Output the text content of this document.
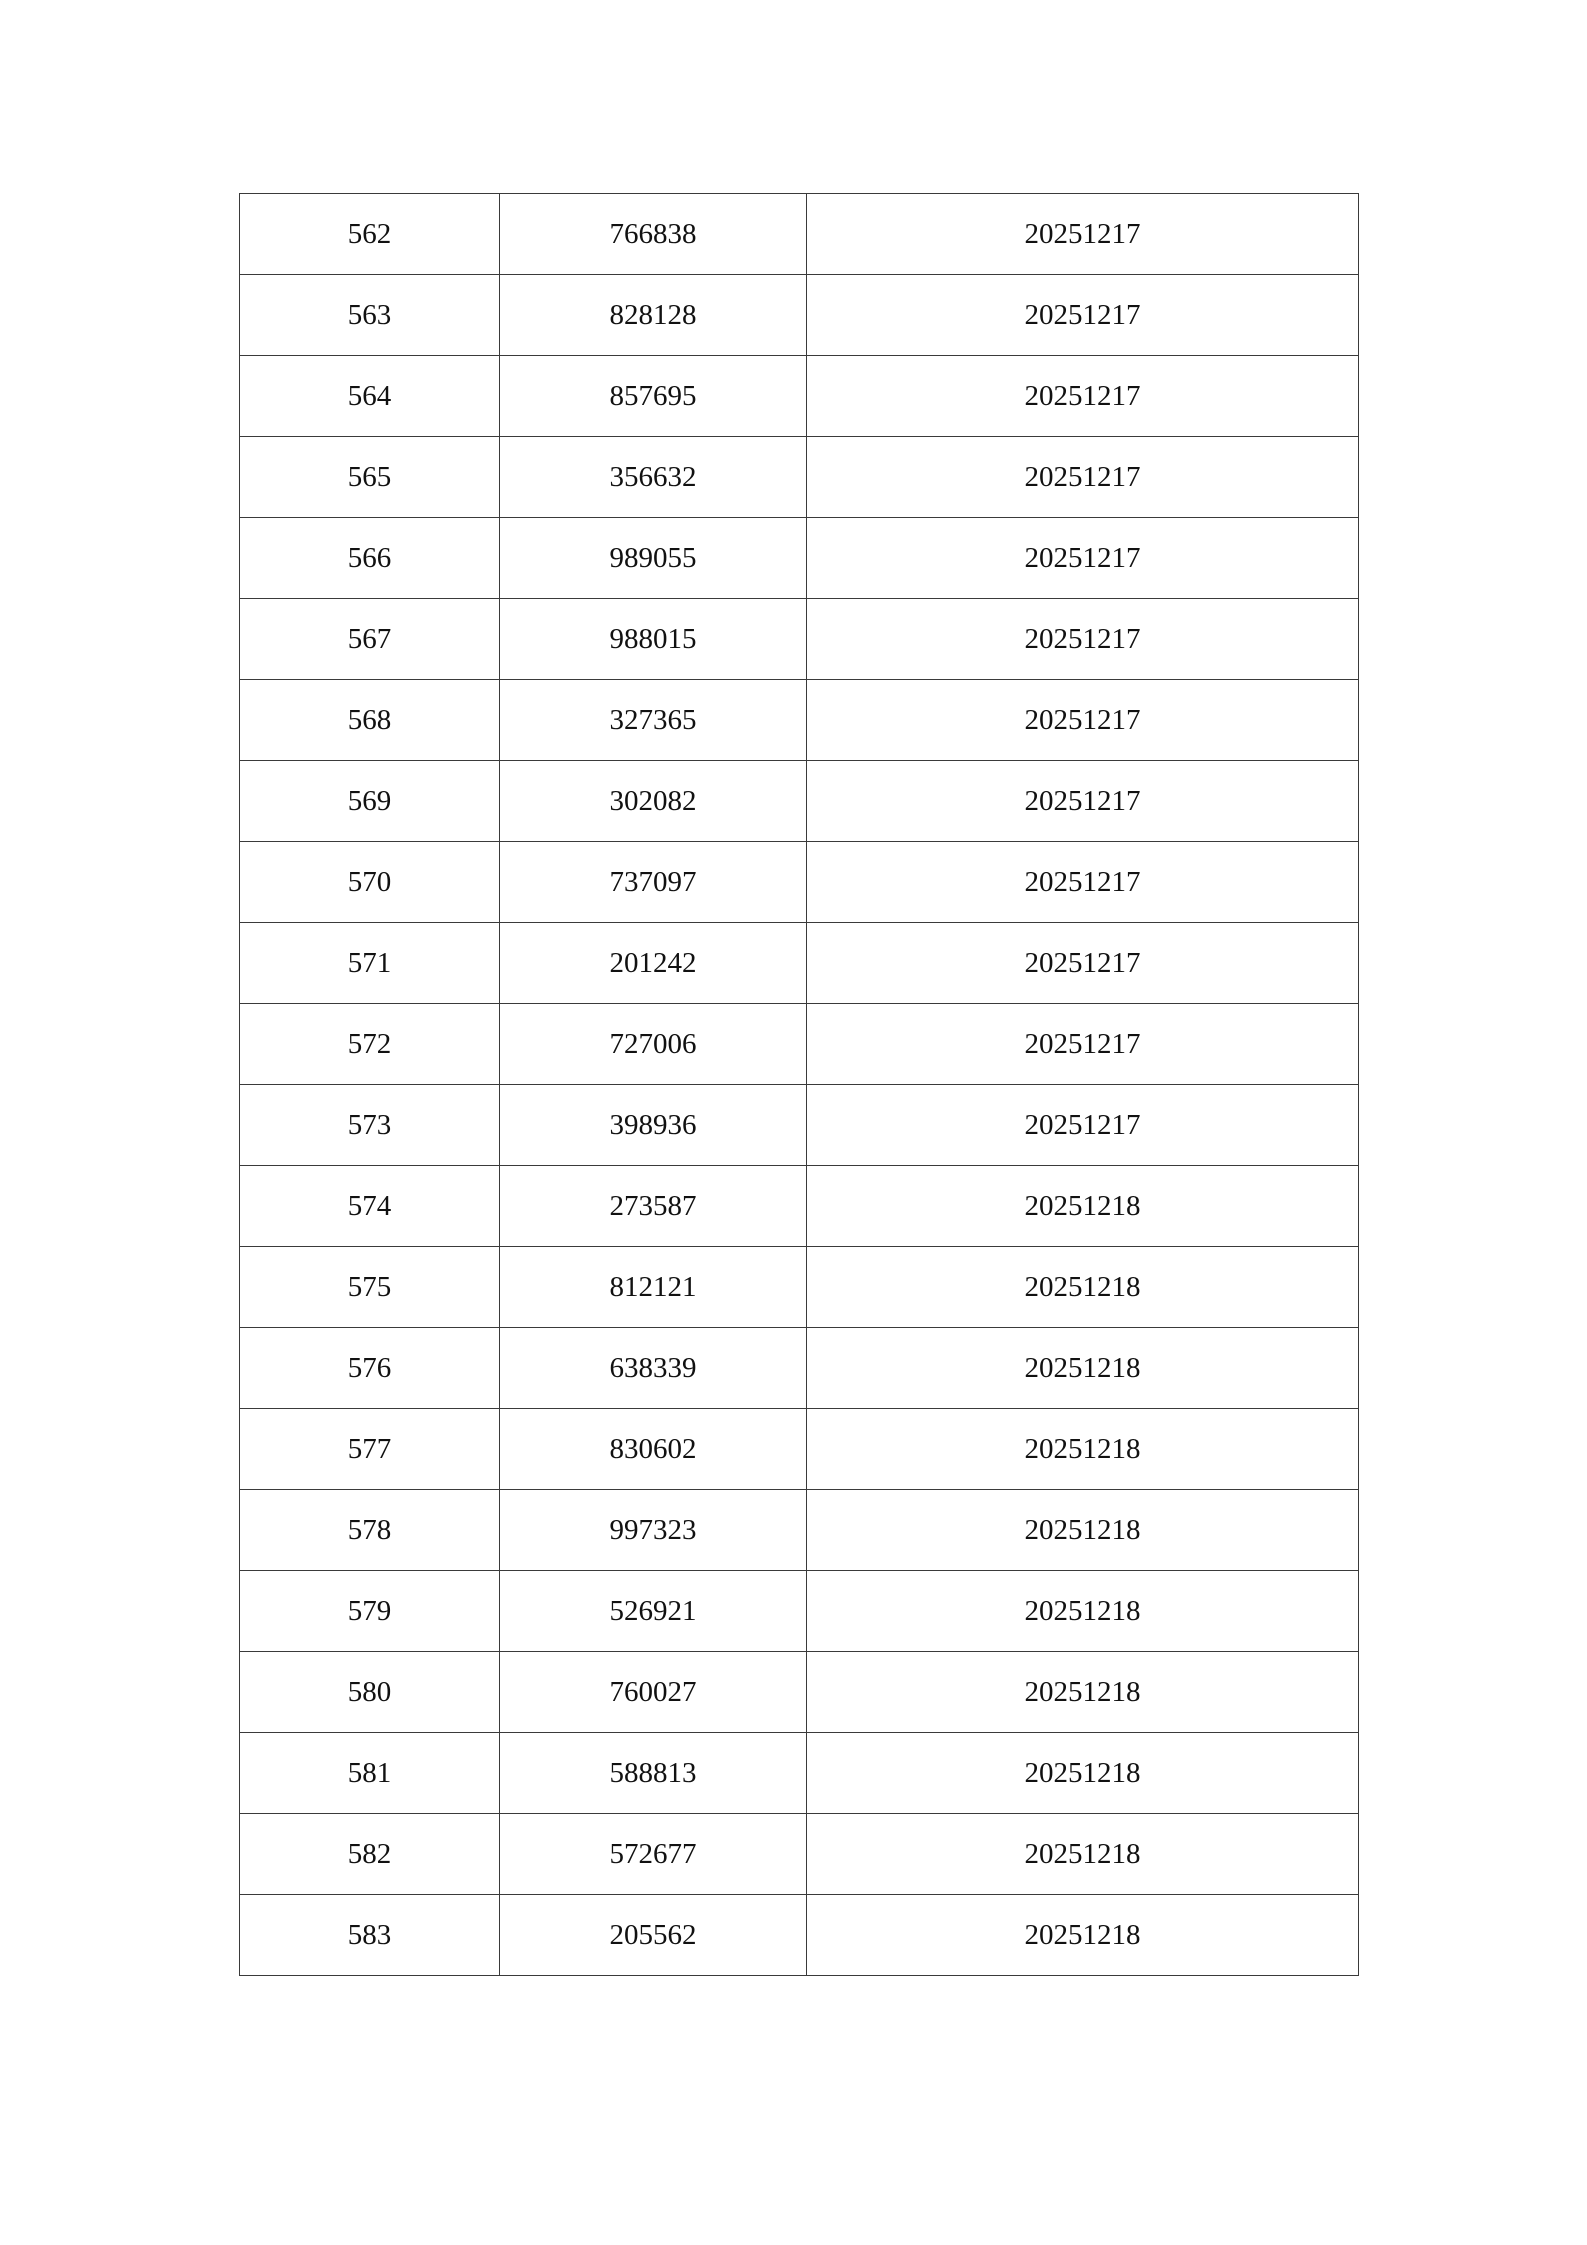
562	766838	20251217
563	828128	20251217
564	857695	20251217
565	356632	20251217
566	989055	20251217
567	988015	20251217
568	327365	20251217
569	302082	20251217
570	737097	20251217
571	201242	20251217
572	727006	20251217
573	398936	20251217
574	273587	20251218
575	812121	20251218
576	638339	20251218
577	830602	20251218
578	997323	20251218
579	526921	20251218
580	760027	20251218
581	588813	20251218
582	572677	20251218
583	205562	20251218
